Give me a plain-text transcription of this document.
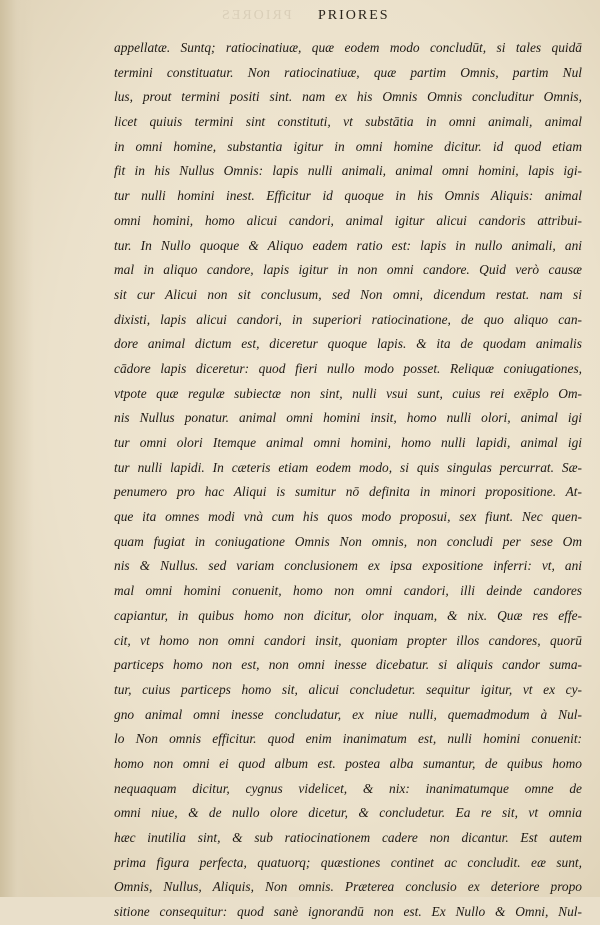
PRIORES PRIORES
appellatæ. Suntq; ratiocinatiuæ, quæ eodem modo concludūt, si tales quidā
termini constituatur. Non ratiocinatiuæ, quæ partim Omnis, partim Nul
lus, prout termini positi sint. nam ex his Omnis Omnis concluditur Omnis,
licet quiuis termini sint constituti, vt substātia in omni animali, animal
in omni homine, substantia igitur in omni homine dicitur. id quod etiam
fit in his Nullus Omnis: lapis nulli animali, animal omni homini, lapis igi-
tur nulli homini inest. Efficitur id quoque in his Omnis Aliquis: animal
omni homini, homo alicui candori, animal igitur alicui candoris attribui-
tur. In Nullo quoque & Aliquo eadem ratio est: lapis in nullo animali, ani
mal in aliquo candore, lapis igitur in non omni candore. Quid verò causæ
sit cur Alicui non sit conclusum, sed Non omni, dicendum restat. nam si
dixisti, lapis alicui candori, in superiori ratiocinatione, de quo aliquo can-
dore animal dictum est, diceretur quoque lapis. & ita de quodam animalis
cādore lapis diceretur: quod fieri nullo modo posset. Reliquæ coniugationes,
vtpote quæ regulæ subiectæ non sint, nulli vsui sunt, cuius rei exēplo Om-
nis Nullus ponatur. animal omni homini insit, homo nulli olori, animal igi
tur omni olori Itemque animal omni homini, homo nulli lapidi, animal igi
tur nulli lapidi. In cæteris etiam eodem modo, si quis singulas percurrat. Sæ-
penumero pro hac Aliqui is sumitur nō definita in minori propositione. At-
que ita omnes modi vnà cum his quos modo proposui, sex fiunt. Nec quen-
quam fugiat in coniugatione Omnis Non omnis, non concludi per sese Om
nis & Nullus. sed variam conclusionem ex ipsa expositione inferri: vt, ani
mal omni homini conuenit, homo non omni candori, illi deinde candores
capiantur, in quibus homo non dicitur, olor inquam, & nix. Quæ res effe-
cit, vt homo non omni candori insit, quoniam propter illos candores, quorū
particeps homo non est, non omni inesse dicebatur. si aliquis candor suma-
tur, cuius particeps homo sit, alicui concludetur. sequitur igitur, vt ex cy-
gno animal omni inesse concludatur, ex niue nulli, quemadmodum à Nul-
lo Non omnis efficitur. quod enim inanimatum est, nulli homini conuenit:
homo non omni ei quod album est. postea alba sumantur, de quibus homo
nequaquam dicitur, cygnus videlicet, & nix: inanimatumque omne de
omni niue, & de nullo olore dicetur, & concludetur. Ea re sit, vt omnia
hæc inutilia sint, & sub ratiocinationem cadere non dicantur. Est autem
prima figura perfecta, quatuorq; quæstiones continet ac concludit. eæ sunt,
Omnis, Nullus, Aliquis, Non omnis. Præterea conclusio ex deteriore propo
sitione consequitur: quod sanè ignorandū non est. Ex Nullo & Omni, Nul-
